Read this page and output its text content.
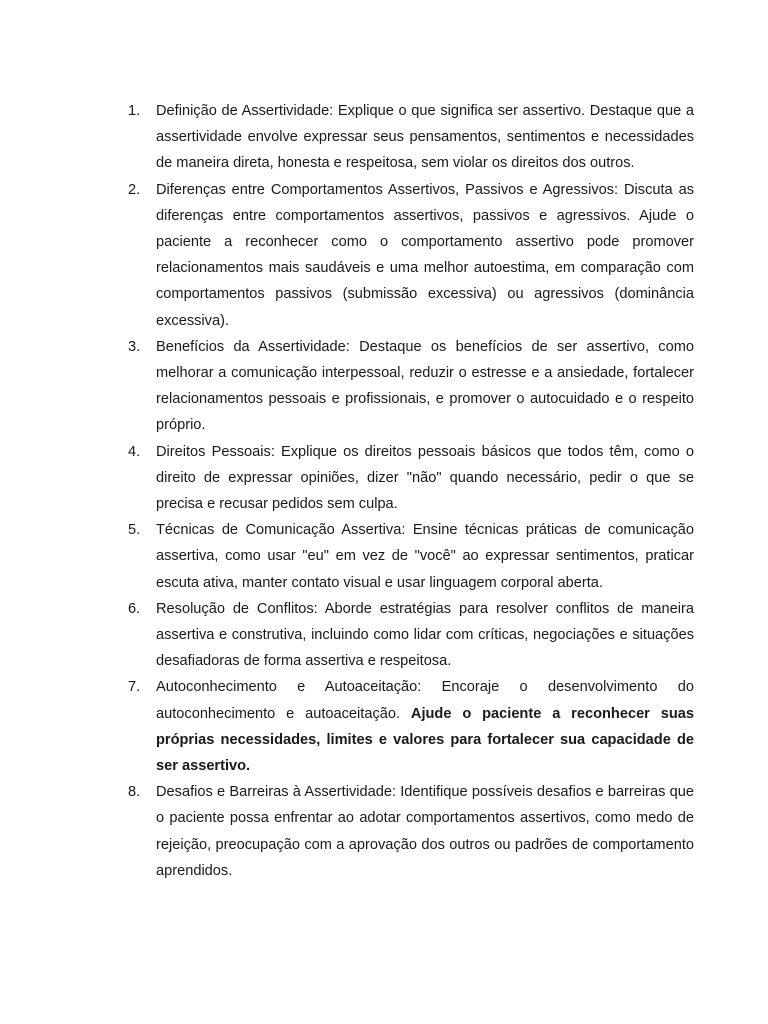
1.	Definição de Assertividade: Explique o que significa ser assertivo. Destaque que a assertividade envolve expressar seus pensamentos, sentimentos e necessidades de maneira direta, honesta e respeitosa, sem violar os direitos dos outros.
2.	Diferenças entre Comportamentos Assertivos, Passivos e Agressivos: Discuta as diferenças entre comportamentos assertivos, passivos e agressivos. Ajude o paciente a reconhecer como o comportamento assertivo pode promover relacionamentos mais saudáveis e uma melhor autoestima, em comparação com comportamentos passivos (submissão excessiva) ou agressivos (dominância excessiva).
3.	Benefícios da Assertividade: Destaque os benefícios de ser assertivo, como melhorar a comunicação interpessoal, reduzir o estresse e a ansiedade, fortalecer relacionamentos pessoais e profissionais, e promover o autocuidado e o respeito próprio.
4.	Direitos Pessoais: Explique os direitos pessoais básicos que todos têm, como o direito de expressar opiniões, dizer "não" quando necessário, pedir o que se precisa e recusar pedidos sem culpa.
5.	Técnicas de Comunicação Assertiva: Ensine técnicas práticas de comunicação assertiva, como usar "eu" em vez de "você" ao expressar sentimentos, praticar escuta ativa, manter contato visual e usar linguagem corporal aberta.
6.	Resolução de Conflitos: Aborde estratégias para resolver conflitos de maneira assertiva e construtiva, incluindo como lidar com críticas, negociações e situações desafiadoras de forma assertiva e respeitosa.
7.	Autoconhecimento e Autoaceitação: Encoraje o desenvolvimento do autoconhecimento e autoaceitação. Ajude o paciente a reconhecer suas próprias necessidades, limites e valores para fortalecer sua capacidade de ser assertivo.
8.	Desafios e Barreiras à Assertividade: Identifique possíveis desafios e barreiras que o paciente possa enfrentar ao adotar comportamentos assertivos, como medo de rejeição, preocupação com a aprovação dos outros ou padrões de comportamento aprendidos.
